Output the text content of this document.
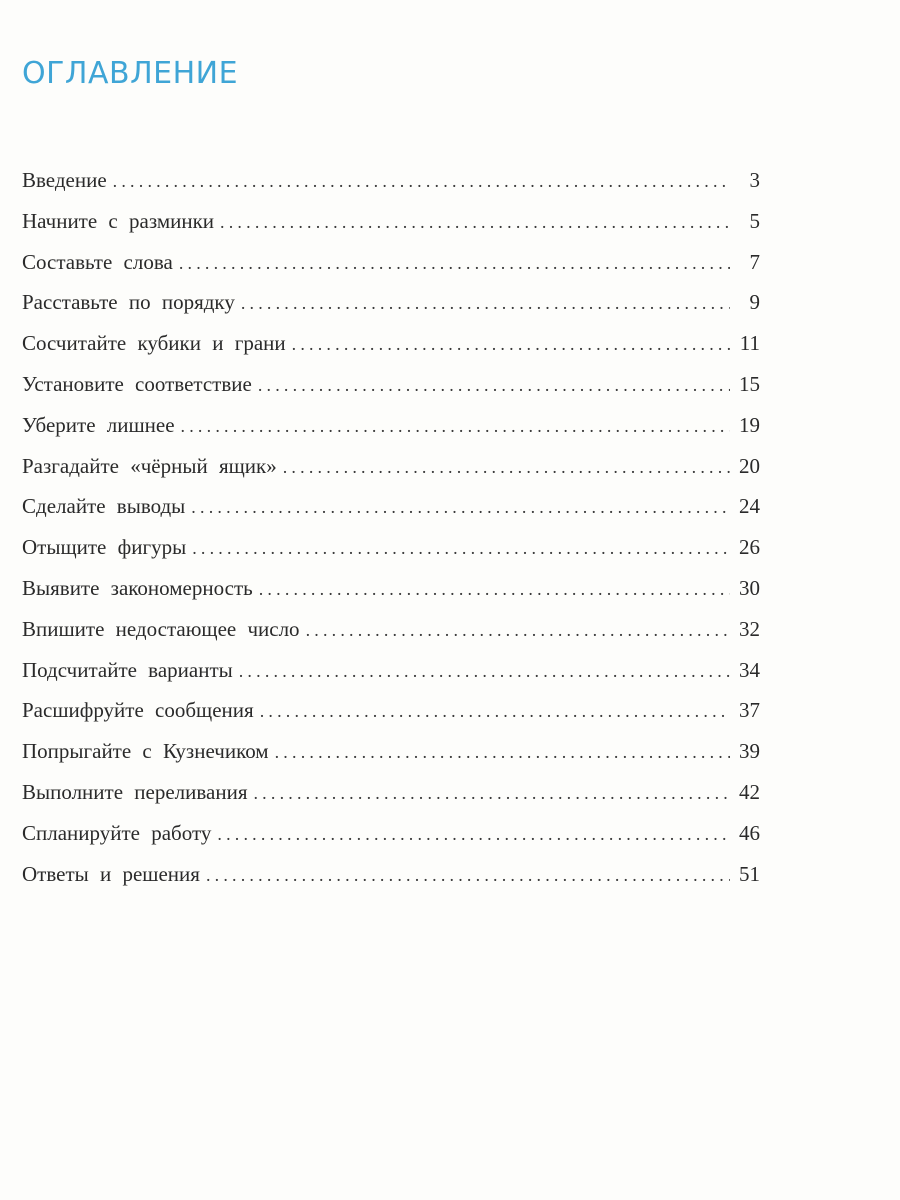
ОГЛАВЛЕНИЕ
Введение .....	3
Начните с разминки .....	5
Составьте слова .....	7
Расставьте по порядку .....	9
Сосчитайте кубики и грани .....	11
Установите соответствие .....	15
Уберите лишнее .....	19
Разгадайте «чёрный ящик» .....	20
Сделайте выводы .....	24
Отыщите фигуры .....	26
Выявите закономерность .....	30
Впишите недостающее число .....	32
Подсчитайте варианты .....	34
Расшифруйте сообщения .....	37
Попрыгайте с Кузнечиком .....	39
Выполните переливания .....	42
Спланируйте работу .....	46
Ответы и решения .....	51
